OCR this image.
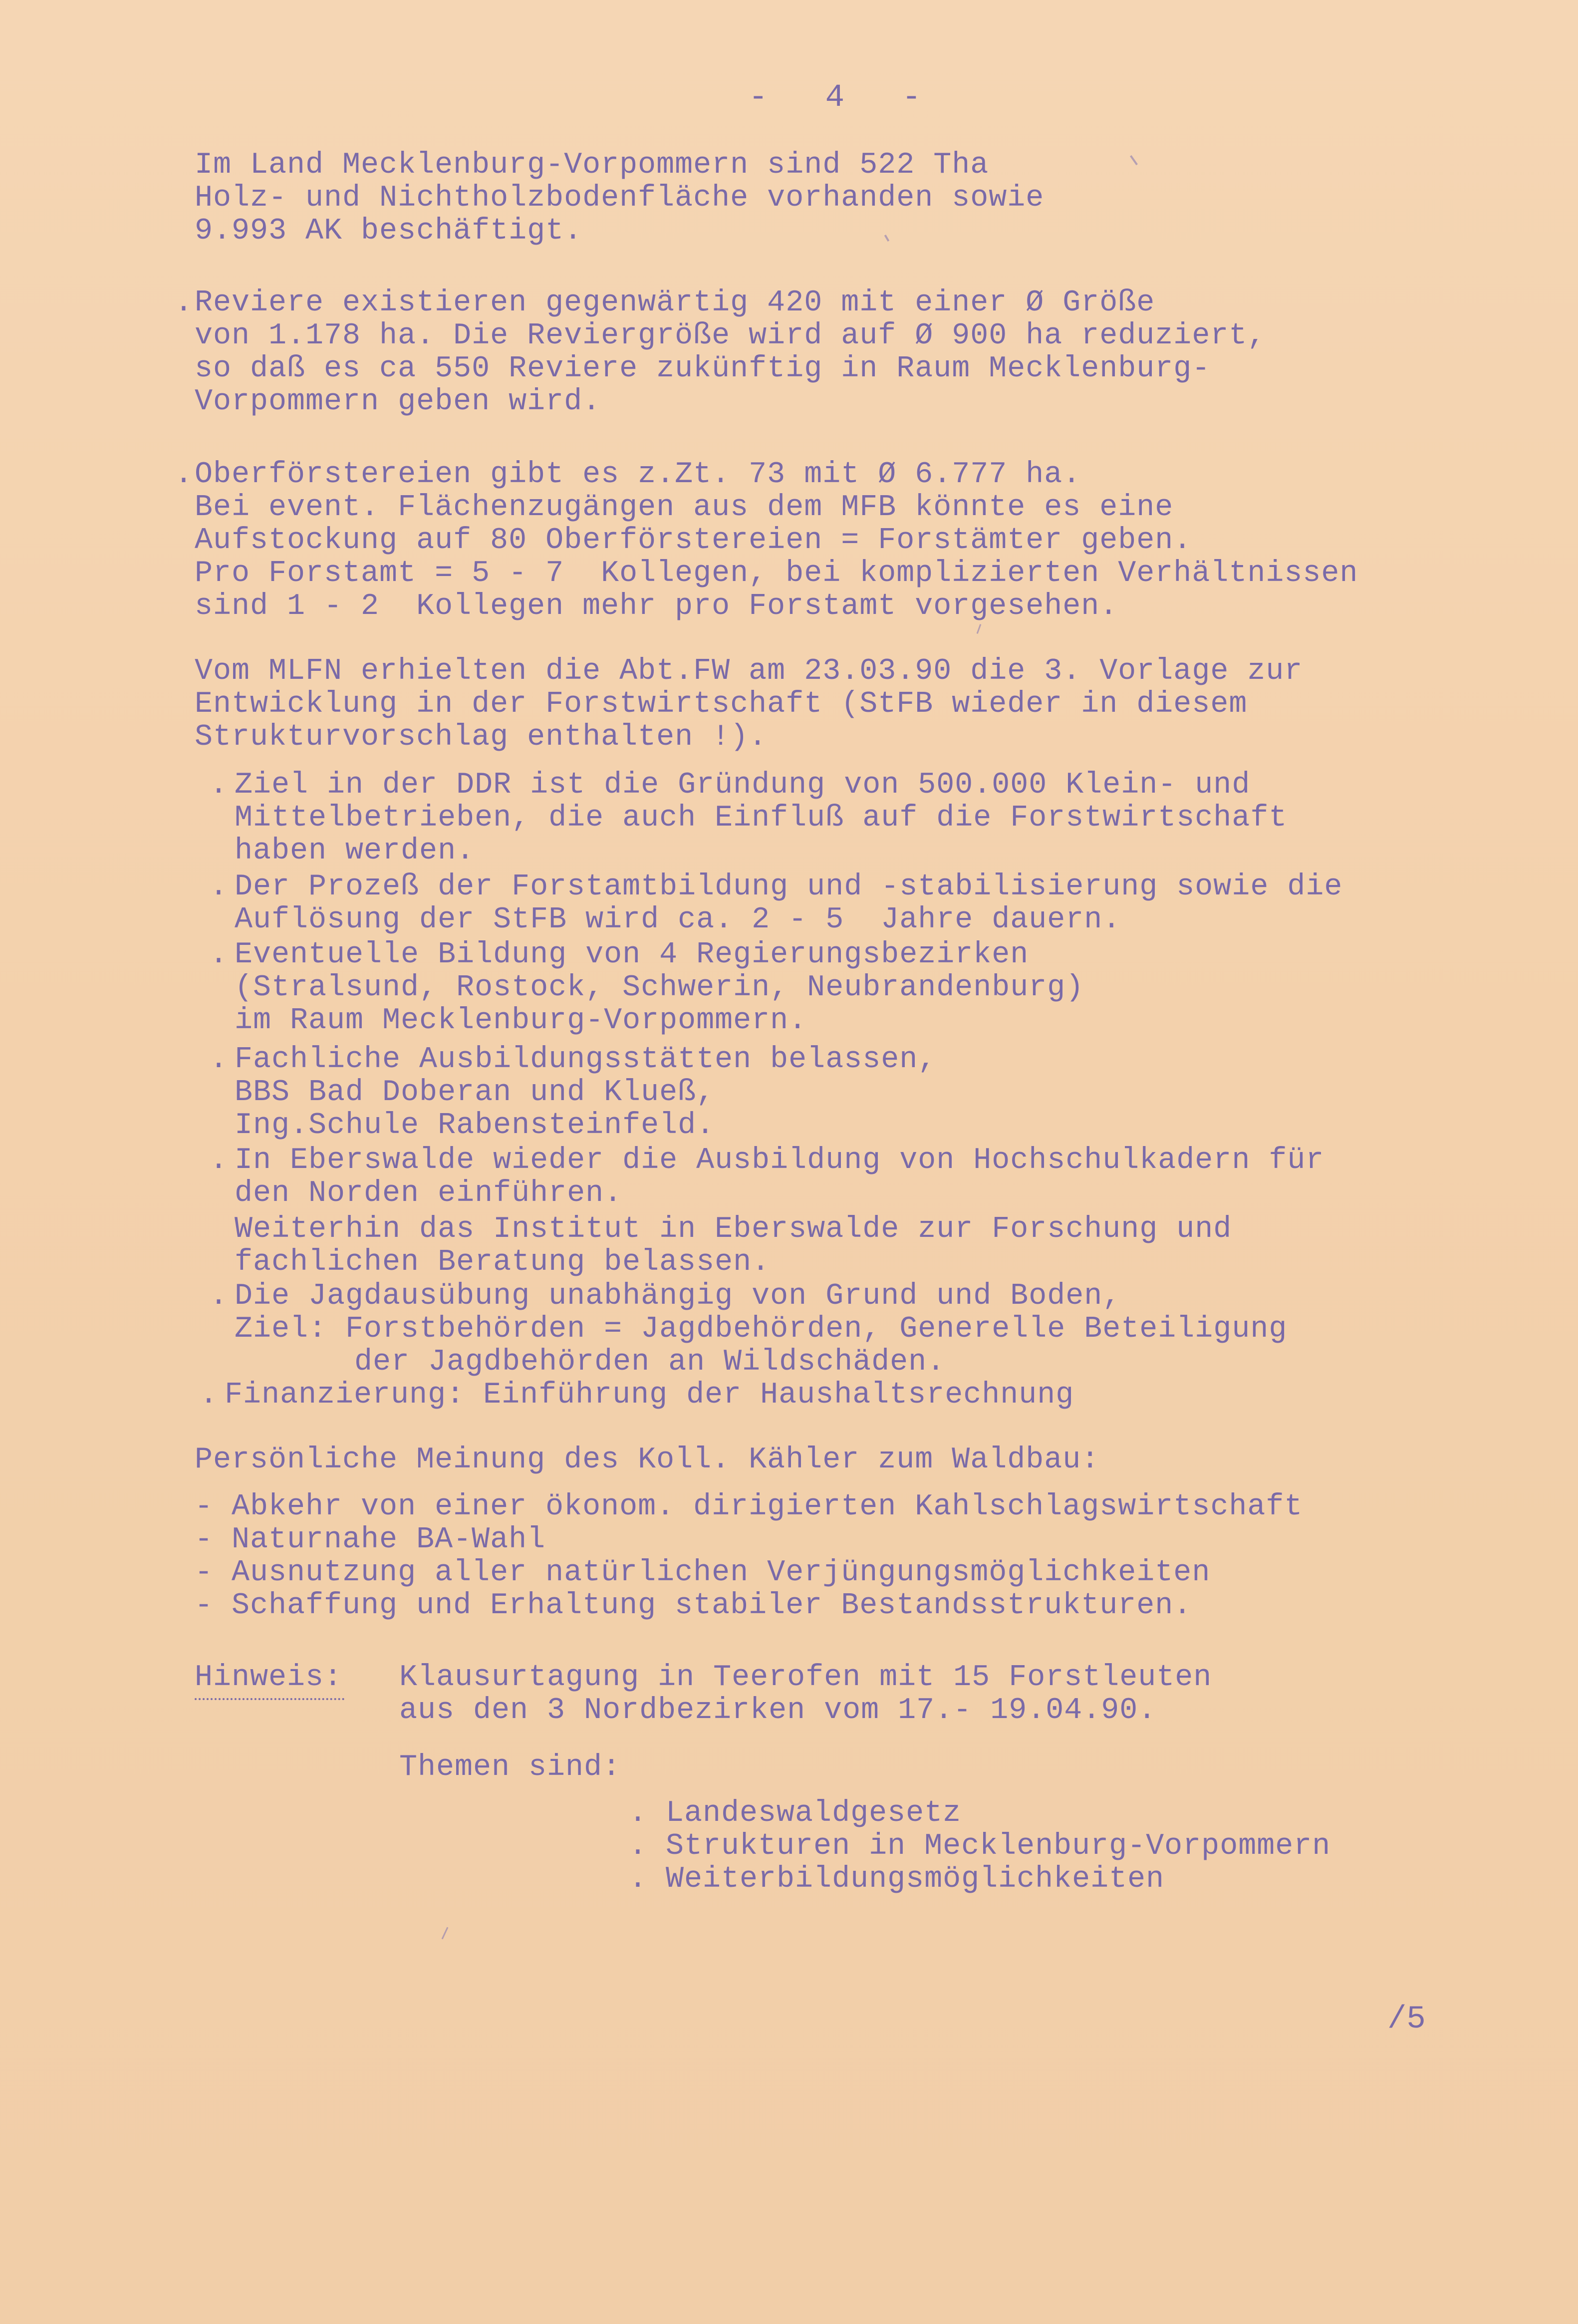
-   4   -
Im Land Mecklenburg-Vorpommern sind 522 Tha
Holz- und Nichtholzbodenfläche vorhanden sowie
9.993 AK beschäftigt.
. Reviere existieren gegenwärtig 420 mit einer Ø Größe
von 1.178 ha. Die Reviergröße wird auf Ø 900 ha reduziert,
so daß es ca 550 Reviere zukünftig in Raum Mecklenburg-
Vorpommern geben wird.
. Oberförstereien gibt es z.Zt. 73 mit Ø 6.777 ha.
Bei event. Flächenzugängen aus dem MFB könnte es eine
Aufstockung auf 80 Oberförstereien = Forstämter geben.
Pro Forstamt = 5 - 7  Kollegen, bei komplizierten Verhältnissen
sind 1 - 2  Kollegen mehr pro Forstamt vorgesehen.
Vom MLFN erhielten die Abt.FW am 23.03.90 die 3. Vorlage zur
Entwicklung in der Forstwirtschaft (StFB wieder in diesem
Strukturvorschlag enthalten !).
. Ziel in der DDR ist die Gründung von 500.000 Klein- und
Mittelbetrieben, die auch Einfluß auf die Forstwirtschaft
haben werden.
. Der Prozeß der Forstamtbildung und -stabilisierung sowie die
Auflösung der StFB wird ca. 2 - 5  Jahre dauern.
. Eventuelle Bildung von 4 Regierungsbezirken
(Stralsund, Rostock, Schwerin, Neubrandenburg)
im Raum Mecklenburg-Vorpommern.
. Fachliche Ausbildungsstätten belassen,
BBS Bad Doberan und Klueß,
Ing.Schule Rabensteinfeld.
. In Eberswalde wieder die Ausbildung von Hochschulkadern für
den Norden einführen.
Weiterhin das Institut in Eberswalde zur Forschung und
fachlichen Beratung belassen.
. Die Jagdausübung unabhängig von Grund und Boden,
Ziel: Forstbehörden = Jagdbehörden, Generelle Beteiligung
der Jagdbehörden an Wildschäden.
. Finanzierung: Einführung der Haushaltsrechnung
Persönliche Meinung des Koll. Kähler zum Waldbau:
- Abkehr von einer ökonom. dirigierten Kahlschlagswirtschaft
- Naturnahe BA-Wahl
- Ausnutzung aller natürlichen Verjüngungsmöglichkeiten
- Schaffung und Erhaltung stabiler Bestandsstrukturen.
Hinweis: Klausurtagung in Teerofen mit 15 Forstleuten
aus den 3 Nordbezirken vom 17.- 19.04.90.
Themen sind:
. Landeswaldgesetz
. Strukturen in Mecklenburg-Vorpommern
. Weiterbildungsmöglichkeiten
/5
